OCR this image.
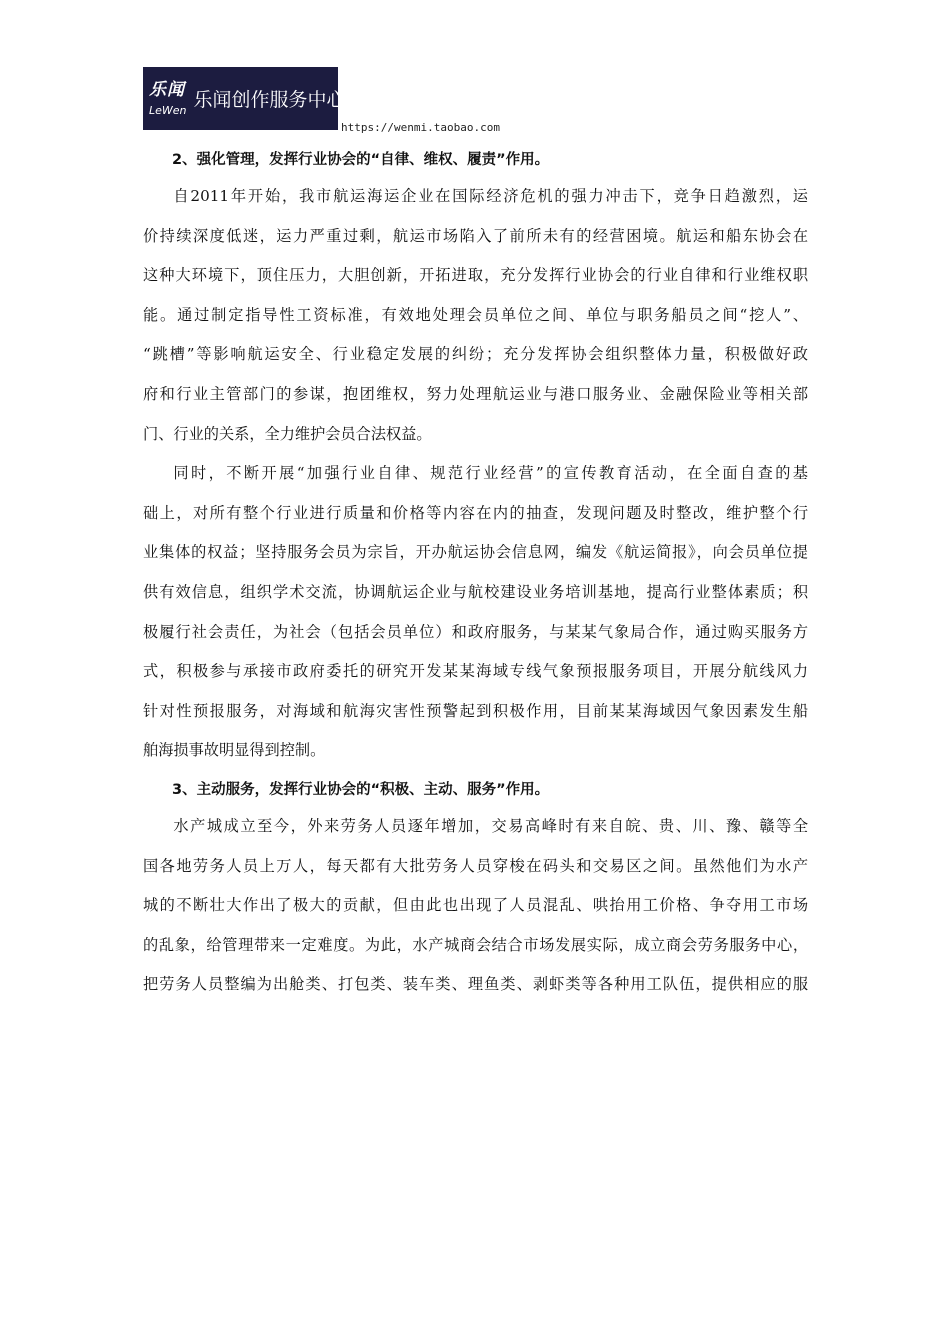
乐闻
LeWen 乐闻创作服务中心
https://wenmi.taobao.com

2、强化管理，发挥行业协会的“自律、维权、履责”作用。

自2011年开始，我市航运海运企业在国际经济危机的强力冲击下，竞争日趋激烈，运
价持续深度低迷，运力严重过剩，航运市场陷入了前所未有的经营困境。航运和船东协会在
这种大环境下，顶住压力，大胆创新，开拓进取，充分发挥行业协会的行业自律和行业维权职
能。通过制定指导性工资标准，有效地处理会员单位之间、单位与职务船员之间“挖人”、
“跳槽”等影响航运安全、行业稳定发展的纠纷；充分发挥协会组织整体力量，积极做好政
府和行业主管部门的参谋，抱团维权，努力处理航运业与港口服务业、金融保险业等相关部
门、行业的关系，全力维护会员合法权益。
同时，不断开展“加强行业自律、规范行业经营”的宣传教育活动，在全面自查的基
础上，对所有整个行业进行质量和价格等内容在内的抽查，发现问题及时整改，维护整个行
业集体的权益；坚持服务会员为宗旨，开办航运协会信息网，编发《航运简报》，向会员单位提
供有效信息，组织学术交流，协调航运企业与航校建设业务培训基地，提高行业整体素质；积
极履行社会责任，为社会（包括会员单位）和政府服务，与某某气象局合作，通过购买服务方
式，积极参与承接市政府委托的研究开发某某海域专线气象预报服务项目，开展分航线风力
针对性预报服务，对海域和航海灾害性预警起到积极作用，目前某某海域因气象因素发生船
舶海损事故明显得到控制。

3、主动服务，发挥行业协会的“积极、主动、服务”作用。

水产城成立至今，外来劳务人员逐年增加，交易高峰时有来自皖、贵、川、豫、赣等全
国各地劳务人员上万人，每天都有大批劳务人员穿梭在码头和交易区之间。虽然他们为水产
城的不断壮大作出了极大的贡献，但由此也出现了人员混乱、哄抬用工价格、争夺用工市场
的乱象，给管理带来一定难度。为此，水产城商会结合市场发展实际，成立商会劳务服务中心，
把劳务人员整编为出舱类、打包类、装车类、理鱼类、剥虾类等各种用工队伍，提供相应的服
